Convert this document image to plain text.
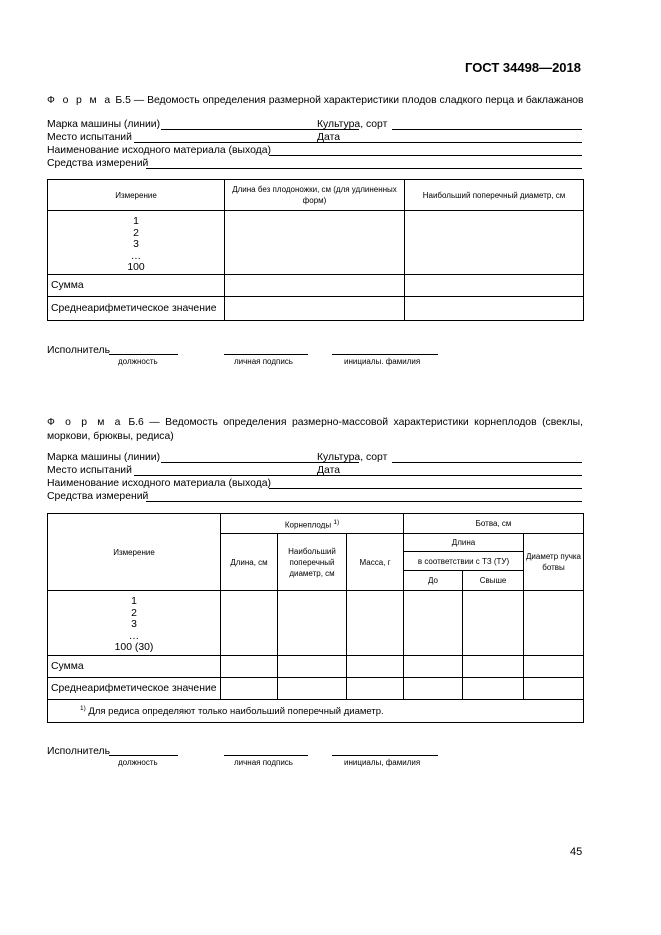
ГОСТ 34498—2018
Ф о р м а Б.5 — Ведомость определения размерной характеристики плодов сладкого перца и баклажанов
Марка машины (линии)	Культура, сорт
Место испытаний	Дата
Наименование исходного материала (выхода)
Средства измерений
Измерение	Длина без плодоножки, см (для удлиненных форм)	Наибольший поперечный диаметр, см

1
2
3
…
100		

Сумма		
Среднеарифметическое значение		
Исполнитель
должность	личная подпись	инициалы. фамилия
Ф о р м а Б.6 — Ведомость определения размерно-массовой характеристики корнеплодов (свеклы, моркови, брюквы, редиса)
Марка машины (линии)	Культура, сорт
Место испытаний	Дата
Наименование исходного материала (выхода)
Средства измерений
Измерение	Корнеплоды $^{1)}$			Ботва, см		
	Длина, см	Наибольший поперечный диаметр, см	Масса, г	Длина		Диаметр пучка ботвы
				в соответствии с ТЗ (ТУ)		
				До	Свыше	

1
2
3
…
100 (30)						

Сумма						
Среднеарифметическое значение						
$^{1)}$ Для редиса определяют только наибольший поперечный диаметр.						
Исполнитель
должность	личная подпись	инициалы, фамилия
45
